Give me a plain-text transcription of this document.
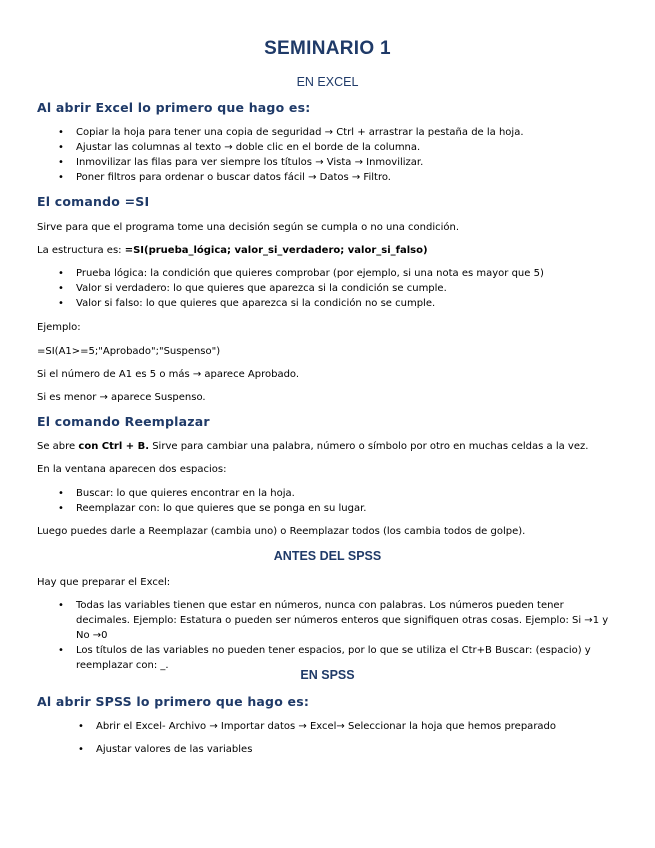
SEMINARIO 1
EN EXCEL
Al abrir Excel lo primero que hago es:
• Copiar la hoja para tener una copia de seguridad → Ctrl + arrastrar la pestaña de la hoja.
• Ajustar las columnas al texto → doble clic en el borde de la columna.
• Inmovilizar las filas para ver siempre los títulos → Vista → Inmovilizar.
• Poner filtros para ordenar o buscar datos fácil → Datos → Filtro.
El comando =SI
Sirve para que el programa tome una decisión según se cumpla o no una condición.
La estructura es: =SI(prueba_lógica; valor_si_verdadero; valor_si_falso)
• Prueba lógica: la condición que quieres comprobar (por ejemplo, si una nota es mayor que 5)
• Valor si verdadero: lo que quieres que aparezca si la condición se cumple.
• Valor si falso: lo que quieres que aparezca si la condición no se cumple.
Ejemplo:
=SI(A1>=5;"Aprobado";"Suspenso")
Si el número de A1 es 5 o más → aparece Aprobado.
Si es menor → aparece Suspenso.
El comando Reemplazar
Se abre con Ctrl + B. Sirve para cambiar una palabra, número o símbolo por otro en muchas celdas a la vez.
En la ventana aparecen dos espacios:
• Buscar: lo que quieres encontrar en la hoja.
• Reemplazar con: lo que quieres que se ponga en su lugar.
Luego puedes darle a Reemplazar (cambia uno) o Reemplazar todos (los cambia todos de golpe).
ANTES DEL SPSS
Hay que preparar el Excel:
• Todas las variables tienen que estar en números, nunca con palabras. Los números pueden tener decimales. Ejemplo: Estatura o pueden ser números enteros que signifiquen otras cosas. Ejemplo: Si →1 y No →0
• Los títulos de las variables no pueden tener espacios, por lo que se utiliza el Ctr+B Buscar: (espacio) y reemplazar con: _.
EN SPSS
Al abrir SPSS lo primero que hago es:
• Abrir el Excel- Archivo → Importar datos → Excel→ Seleccionar la hoja que hemos preparado
• Ajustar valores de las variables
